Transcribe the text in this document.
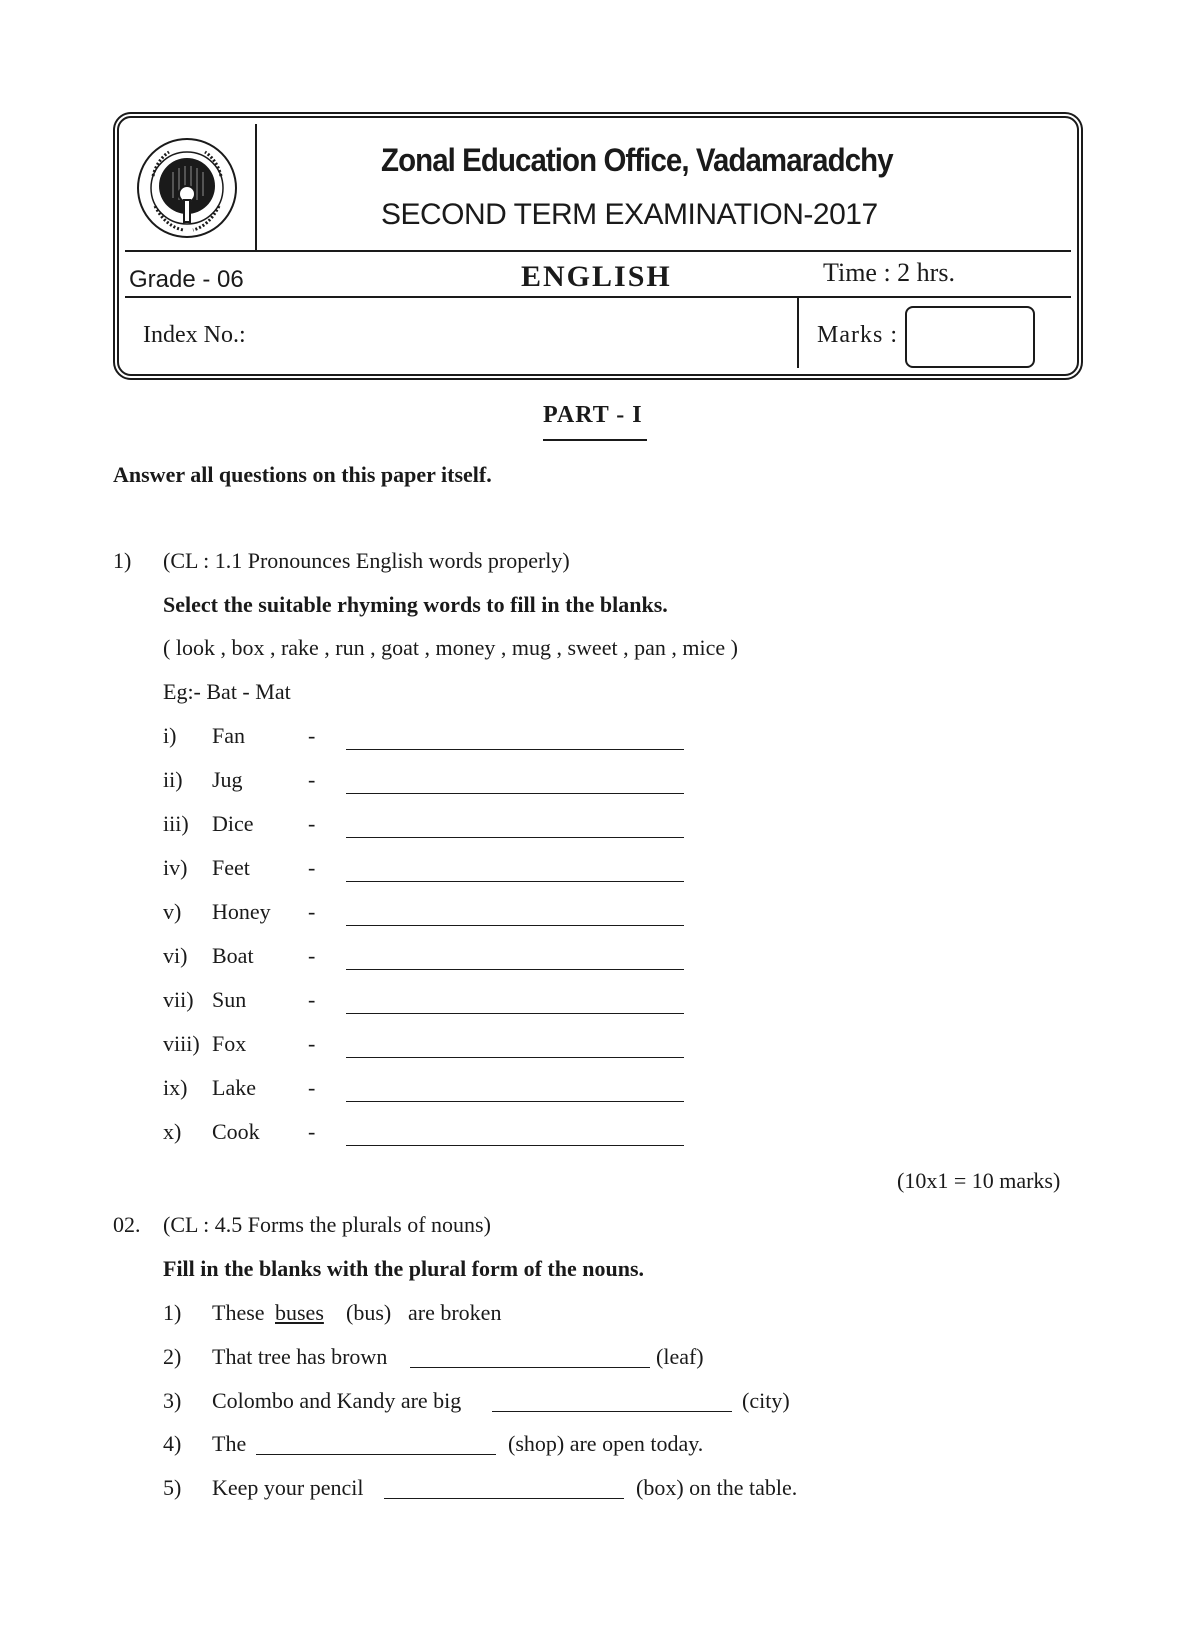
Zonal Education Office, Vadamaradchy
SECOND TERM EXAMINATION-2017
Grade - 06	ENGLISH	Time : 2 hrs.
Index No.:	Marks :
PART - I
Answer all questions on this paper itself.
1) (CL : 1.1 Pronounces English words properly)
Select the suitable rhyming words to fill in the blanks.
( look , box , rake , run , goat , money , mug , sweet , pan , mice )
Eg:- Bat - Mat
i) Fan	-
ii) Jug	-
iii) Dice -
iv) Feet	-
v) Honey -
vi) Boat -
vii) Sun	-
viii) Fox	-
ix) Lake -
x) Cook -
(10x1 = 10 marks)
02. (CL : 4.5 Forms the plurals of nouns)
Fill in the blanks with the plural form of the nouns.
1) These buses (bus) are broken
2) That tree has brown	(leaf)
3) Colombo and Kandy are big	(city)
4) The	(shop) are open today.
5) Keep your pencil	(box) on the table.
